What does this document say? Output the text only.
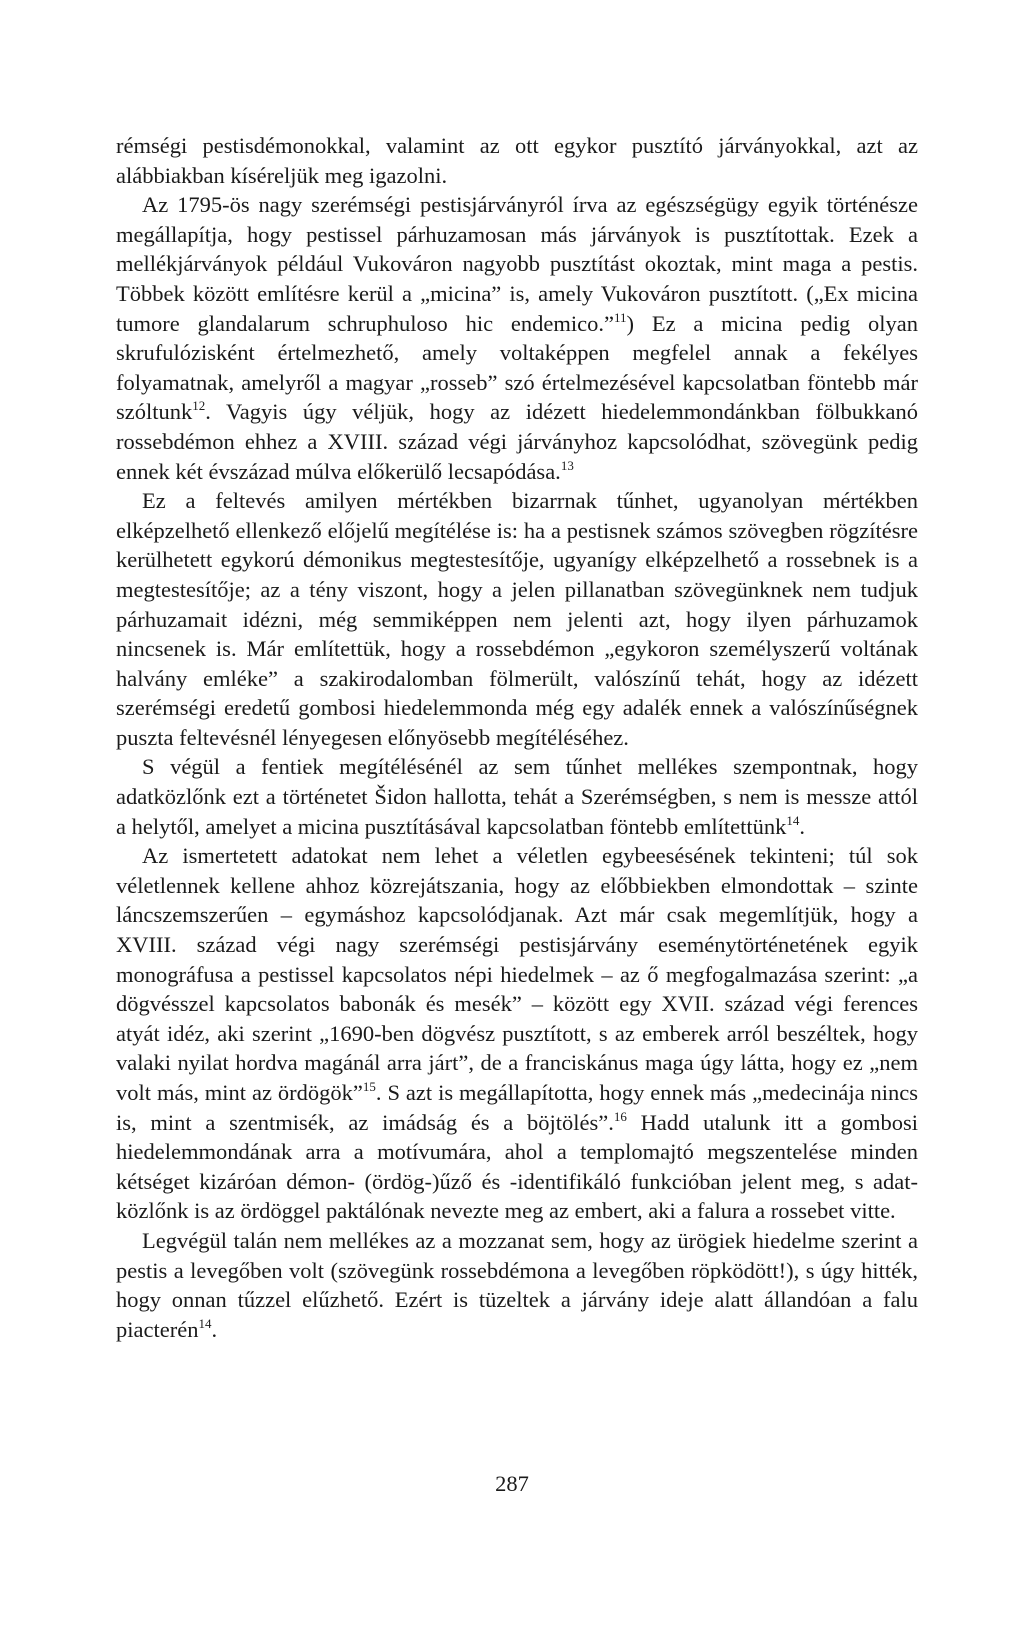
rémségi pestisdémonokkal, valamint az ott egykor pusztító járványokkal, azt az alábbiakban kíséreljük meg igazolni.

Az 1795-ös nagy szerémségi pestisjárványról írva az egészségügy egyik történésze megállapítja, hogy pestissel párhuzamosan más járványok is pusztítottak. Ezek a mellékjárványok például Vukováron nagyobb pusztítást okoztak, mint maga a pestis. Többek között említésre kerül a „micina” is, amely Vukováron pusztított. („Ex micina tumore glandalarum schruphuloso hic endemico.”$^{11}$) Ez a micina pedig olyan skrufulózisként értelmezhető, amely voltaképpen megfelel annak a fekélyes folyamatnak, amelyről a magyar „rosseb” szó értelmezésével kapcsolatban föntebb már szóltunk$^{12}$. Vagyis úgy véljük, hogy az idézett hiedelemmondánkban fölbukkanó rossebdémon ehhez a XVIII. század végi járványhoz kapcsolódhat, szövegünk pedig ennek két évszázad múlva előkerülő lecsapódása.$^{13}$

Ez a feltevés amilyen mértékben bizarrnak tűnhet, ugyanolyan mértékben elképzelhető ellenkező előjelű megítélése is: ha a pestisnek számos szövegben rögzítésre kerülhetett egykorú démonikus megtestesítője, ugyanígy elképzelhető a rossebnek is a megtestesítője; az a tény viszont, hogy a jelen pillanatban szövegünknek nem tudjuk párhuzamait idézni, még semmiképpen nem jelenti azt, hogy ilyen párhuzamok nincsenek is. Már említettük, hogy a rossebdémon „egykoron személyszerű voltának halvány emléke” a szakirodalomban fölmerült, valószínű tehát, hogy az idézett szerémségi eredetű gombosi hiedelemmonda még egy adalék ennek a valószínűségnek puszta feltevésnél lényegesen előnyösebb megítéléséhez.

S végül a fentiek megítélésénél az sem tűnhet mellékes szempontnak, hogy adatközlőnk ezt a történetet Šidon hallotta, tehát a Szerémségben, s nem is messze attól a helytől, amelyet a micina pusztításával kapcsolatban föntebb említettünk$^{14}$.

Az ismertetett adatokat nem lehet a véletlen egybeesésének tekinteni; túl sok véletlennek kellene ahhoz közrejátszania, hogy az előbbiekben elmondottak – szinte láncszemszerűen – egymáshoz kapcsolódjanak. Azt már csak megemlítjük, hogy a XVIII. század végi nagy szerémségi pestisjárvány eseménytörténetének egyik monográfusa a pestissel kapcsolatos népi hiedelmek – az ő megfogalmazása szerint: „a dögvésszel kapcsolatos babonák és mesék” – között egy XVII. század végi ferences atyát idéz, aki szerint „1690-ben dögvész pusztított, s az emberek arról beszéltek, hogy valaki nyilat hordva magánál arra járt”, de a franciskánus maga úgy látta, hogy ez „nem volt más, mint az ördögök”$^{15}$. S azt is megállapította, hogy ennek más „medecinája nincs is, mint a szentmisék, az imádság és a böjtölés”.$^{16}$ Hadd utalunk itt a gombosi hiedelemmondának arra a motívumára, ahol a templomajtó megszentelése minden kétséget kizáróan démon- (ördög-)űző és -identifikáló funkcióban jelent meg, s adatközlőnk is az ördöggel paktálónak nevezte meg az embert, aki a falura a rossebet vitte.

Legvégül talán nem mellékes az a mozzanat sem, hogy az ürögiek hiedelme szerint a pestis a levegőben volt (szövegünk rossebdémona a levegőben röpködött!), s úgy hitték, hogy onnan tűzzel elűzhető. Ezért is tüzeltek a járvány ideje alatt állandóan a falu piacterén$^{14}$.

287
